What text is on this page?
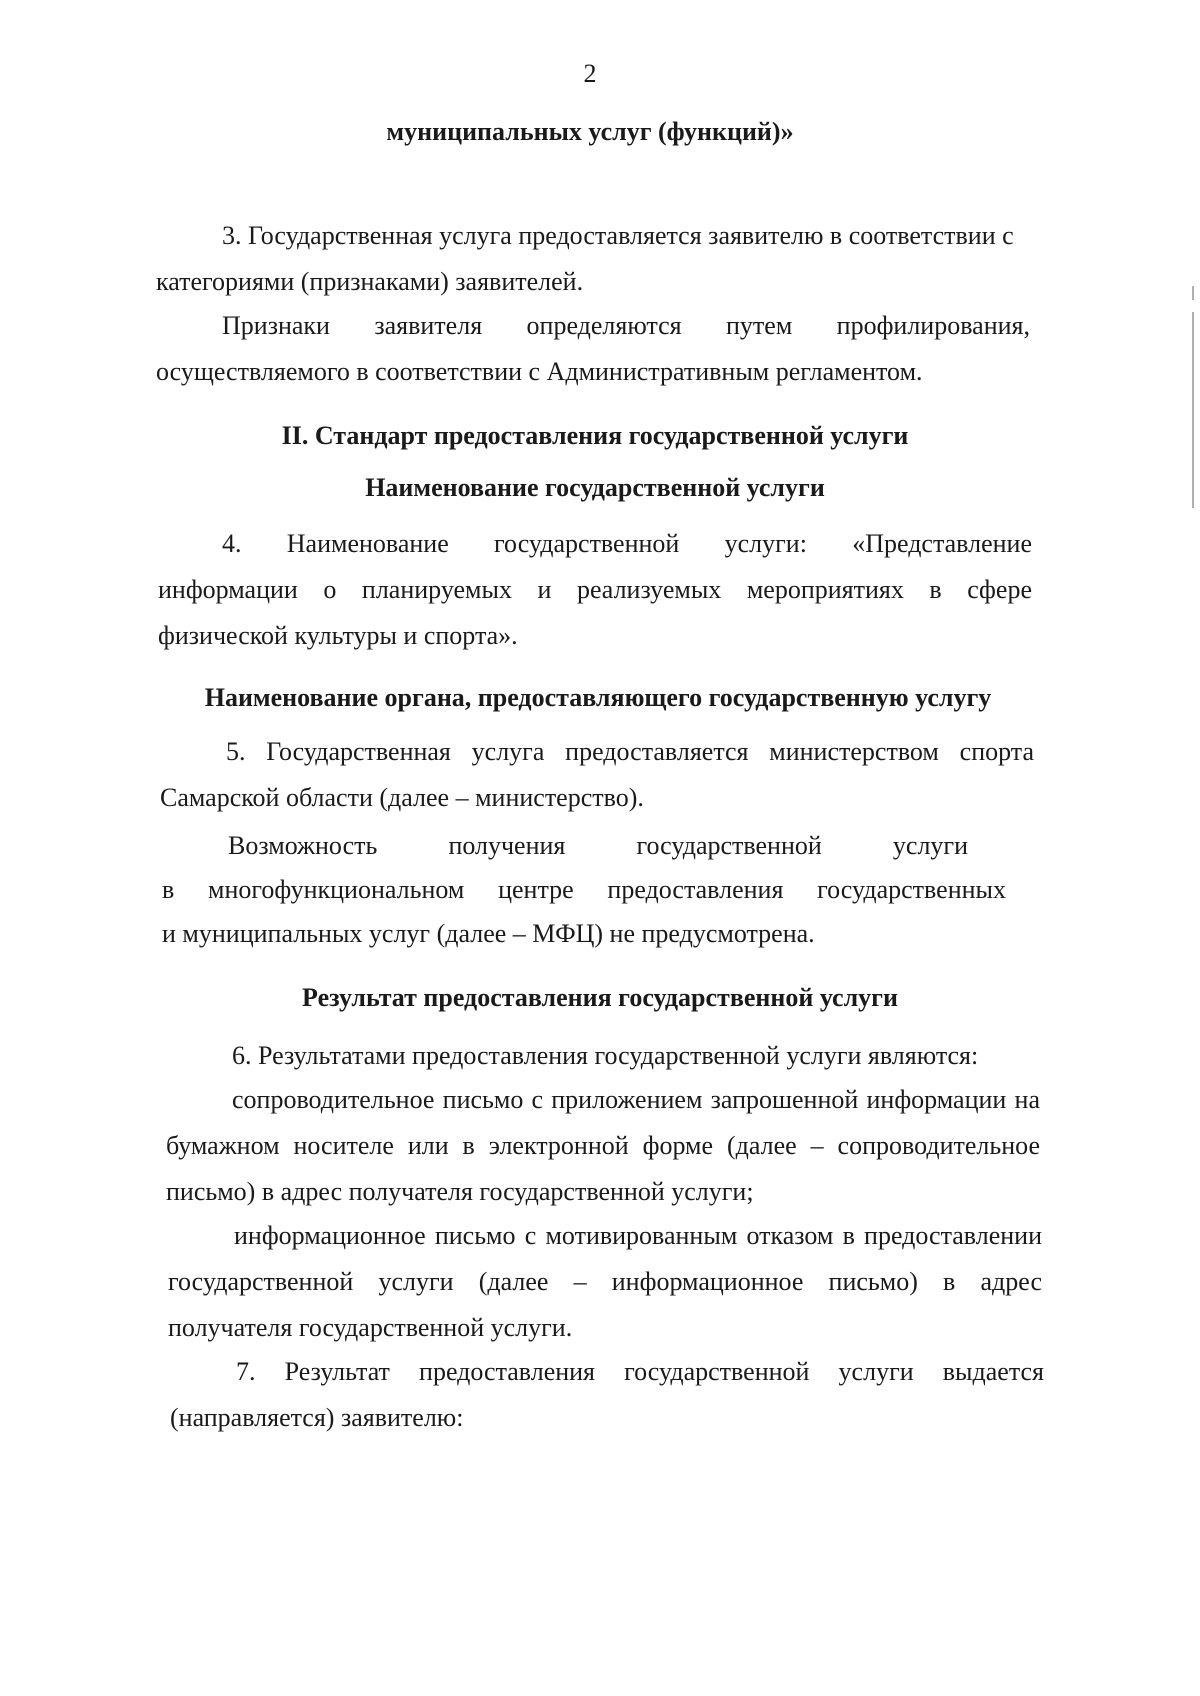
2
муниципальных услуг (функций)»
3. Государственная услуга предоставляется заявителю в соответствии с
категориями (признаками) заявителей.
Признаки заявителя определяются путем профилирования,
осуществляемого в соответствии с Административным регламентом.
II. Стандарт предоставления государственной услуги
Наименование государственной услуги
4. Наименование государственной услуги: «Представление
информации о планируемых и реализуемых мероприятиях в сфере
физической культуры и спорта».
Наименование органа, предоставляющего государственную услугу
5. Государственная услуга предоставляется министерством спорта
Самарской области (далее – министерство).
Возможность получения государственной услуги
в многофункциональном центре предоставления государственных
и муниципальных услуг (далее – МФЦ) не предусмотрена.
Результат предоставления государственной услуги
6. Результатами предоставления государственной услуги являются:
сопроводительное письмо с приложением запрошенной информации на
бумажном носителе или в электронной форме (далее – сопроводительное
письмо) в адрес получателя государственной услуги;
информационное письмо с мотивированным отказом в предоставлении
государственной услуги (далее – информационное письмо) в адрес
получателя государственной услуги.
7. Результат предоставления государственной услуги выдается
(направляется) заявителю:
